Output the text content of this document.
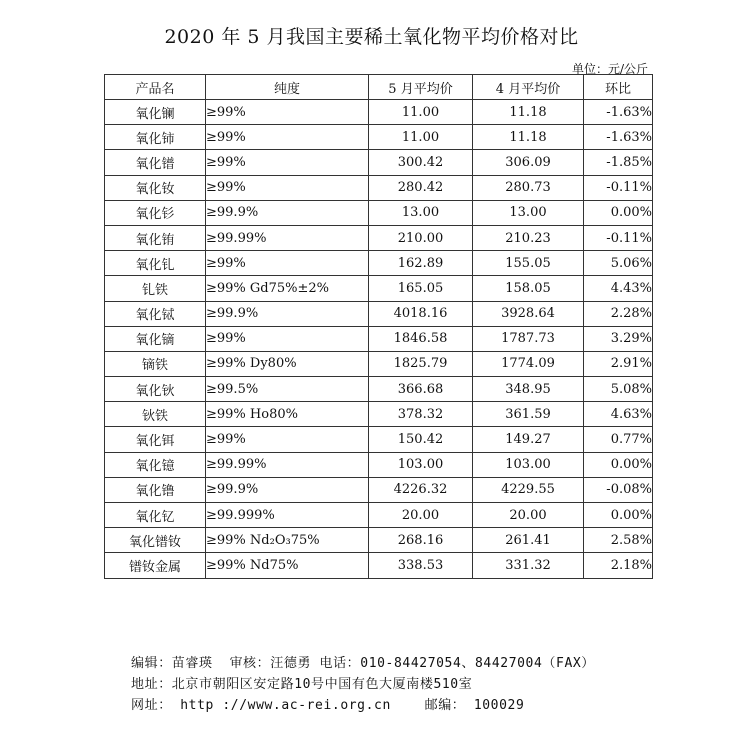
2020 年 5 月我国主要稀土氧化物平均价格对比
单位：元/公斤
产品名	纯度	5 月平均价	4 月平均价	环比
氧化镧	≥99%	11.00	11.18	-1.63%
氧化铈	≥99%	11.00	11.18	-1.63%
氧化镨	≥99%	300.42	306.09	-1.85%
氧化钕	≥99%	280.42	280.73	-0.11%
氧化钐	≥99.9%	13.00	13.00	0.00%
氧化铕	≥99.99%	210.00	210.23	-0.11%
氧化钆	≥99%	162.89	155.05	5.06%
钆铁	≥99% Gd75%±2%	165.05	158.05	4.43%
氧化铽	≥99.9%	4018.16	3928.64	2.28%
氧化镝	≥99%	1846.58	1787.73	3.29%
镝铁	≥99% Dy80%	1825.79	1774.09	2.91%
氧化钬	≥99.5%	366.68	348.95	5.08%
钬铁	≥99% Ho80%	378.32	361.59	4.63%
氧化铒	≥99%	150.42	149.27	0.77%
氧化镱	≥99.99%	103.00	103.00	0.00%
氧化镥	≥99.9%	4226.32	4229.55	-0.08%
氧化钇	≥99.999%	20.00	20.00	0.00%
氧化镨钕	≥99% Nd₂O₃75%	268.16	261.41	2.58%
镨钕金属	≥99% Nd75%	338.53	331.32	2.18%
编辑：苗睿瑛  审核：汪德勇 电话：010-84427054、84427004（FAX）
地址：北京市朝阳区安定路10号中国有色大厦南楼510室
网址： http ://www.ac-rei.org.cn    邮编： 100029
